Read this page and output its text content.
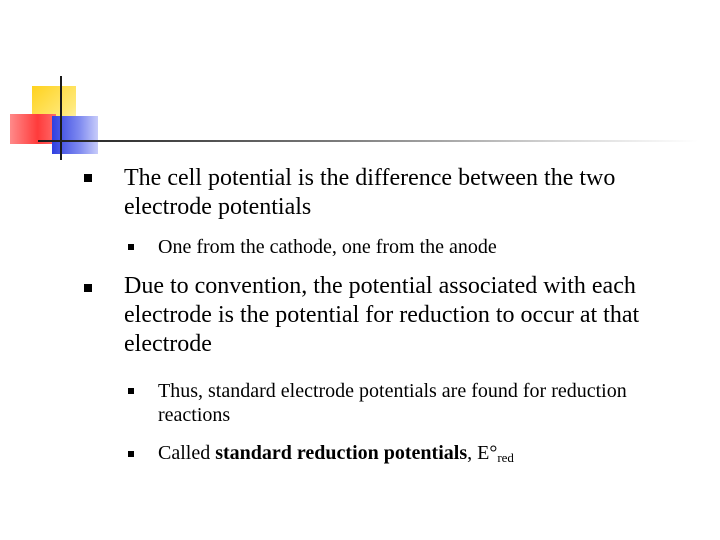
The cell potential is the difference between the two electrode potentials
One from the cathode, one from the anode
Due to convention, the potential associated with each electrode is the potential for reduction to occur at that electrode
Thus, standard electrode potentials are found for reduction reactions
Called standard reduction potentials, $E^\circ_{red}$
